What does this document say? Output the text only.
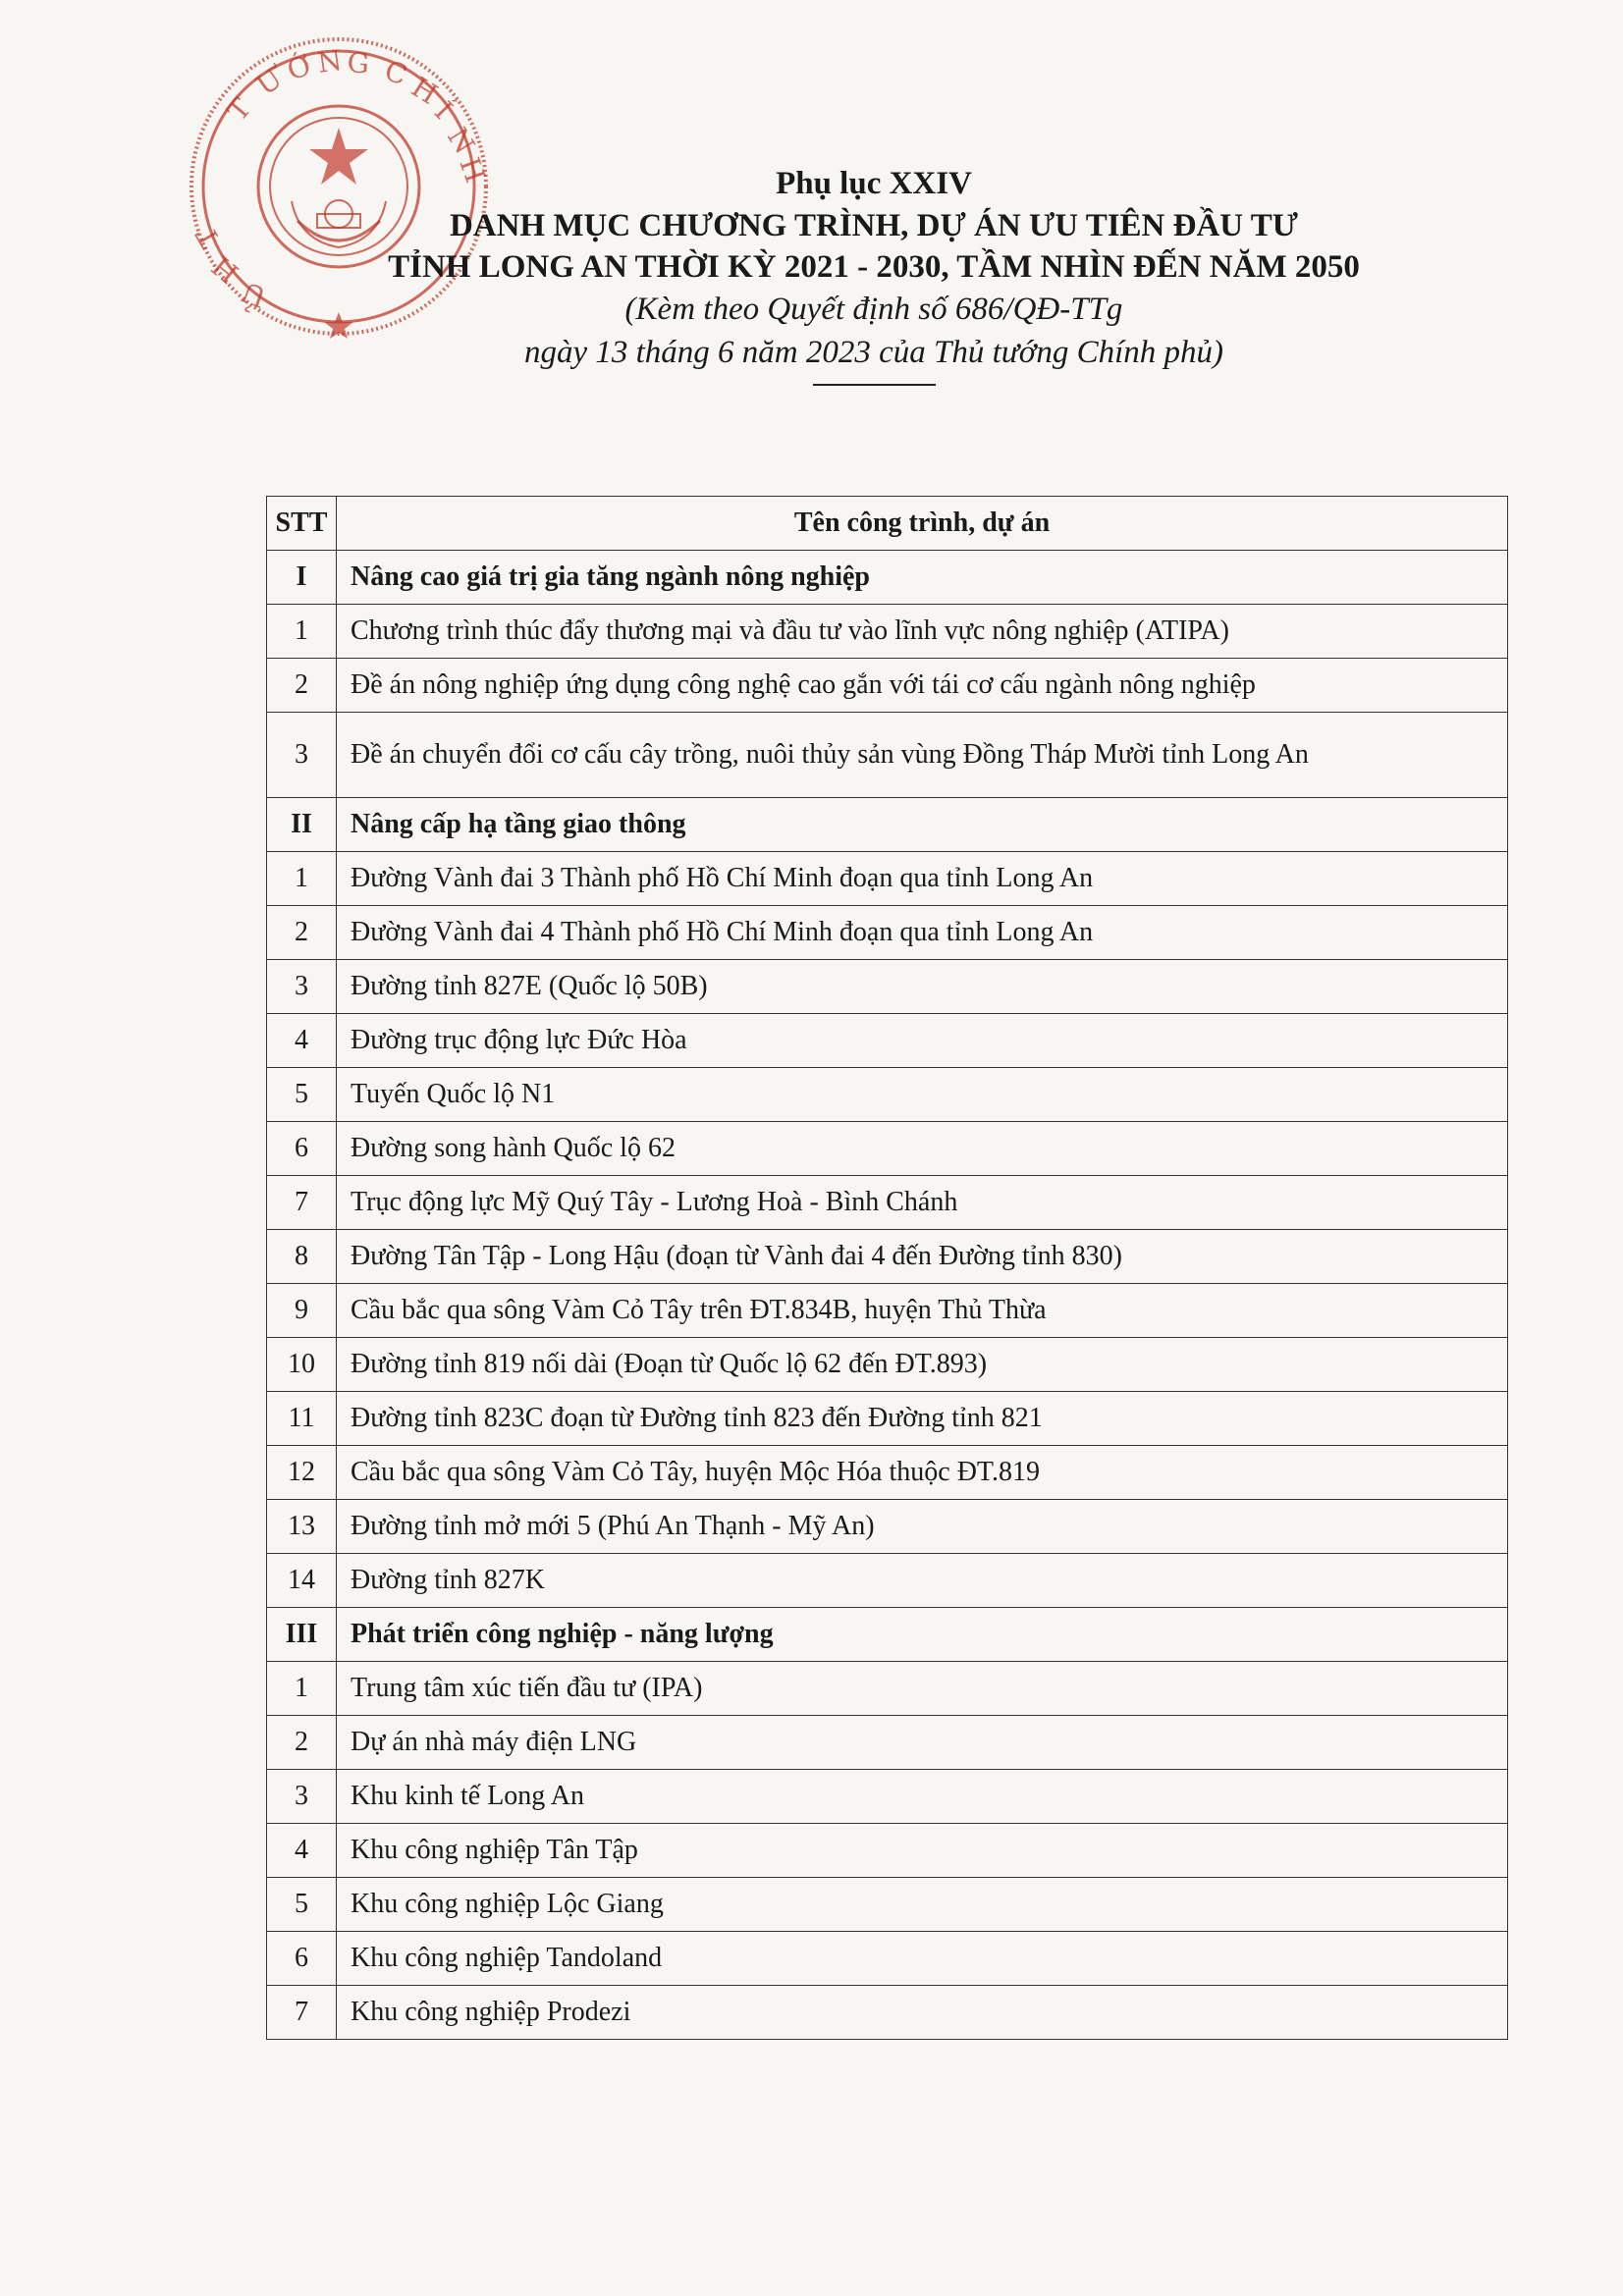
T
Ư
Ớ N G C
H
Í
N
H
T
H
Ủ
Phụ lục XXIV
DANH MỤC CHƯƠNG TRÌNH, DỰ ÁN ƯU TIÊN ĐẦU TƯ
TỈNH LONG AN THỜI KỲ 2021 - 2030, TẦM NHÌN ĐẾN NĂM 2050
(Kèm theo Quyết định số 686/QĐ-TTg
ngày 13 tháng 6 năm 2023 của Thủ tướng Chính phủ)
STT	Tên công trình, dự án
I	Nâng cao giá trị gia tăng ngành nông nghiệp
1	Chương trình thúc đẩy thương mại và đầu tư vào lĩnh vực nông nghiệp (ATIPA)
2	Đề án nông nghiệp ứng dụng công nghệ cao gắn với tái cơ cấu ngành nông nghiệp
3	Đề án chuyển đổi cơ cấu cây trồng, nuôi thủy sản vùng Đồng Tháp Mười tỉnh Long An
II	Nâng cấp hạ tầng giao thông
1	Đường Vành đai 3 Thành phố Hồ Chí Minh đoạn qua tỉnh Long An
2	Đường Vành đai 4 Thành phố Hồ Chí Minh đoạn qua tỉnh Long An
3	Đường tỉnh 827E (Quốc lộ 50B)
4	Đường trục động lực Đức Hòa
5	Tuyến Quốc lộ N1
6	Đường song hành Quốc lộ 62
7	Trục động lực Mỹ Quý Tây - Lương Hoà - Bình Chánh
8	Đường Tân Tập - Long Hậu (đoạn từ Vành đai 4 đến Đường tỉnh 830)
9	Cầu bắc qua sông Vàm Cỏ Tây trên ĐT.834B, huyện Thủ Thừa
10	Đường tỉnh 819 nối dài (Đoạn từ Quốc lộ 62 đến ĐT.893)
11	Đường tỉnh 823C đoạn từ Đường tỉnh 823 đến Đường tỉnh 821
12	Cầu bắc qua sông Vàm Cỏ Tây, huyện Mộc Hóa thuộc ĐT.819
13	Đường tỉnh mở mới 5 (Phú An Thạnh - Mỹ An)
14	Đường tỉnh 827K
III	Phát triển công nghiệp - năng lượng
1	Trung tâm xúc tiến đầu tư (IPA)
2	Dự án nhà máy điện LNG
3	Khu kinh tế Long An
4	Khu công nghiệp Tân Tập
5	Khu công nghiệp Lộc Giang
6	Khu công nghiệp Tandoland
7	Khu công nghiệp Prodezi
